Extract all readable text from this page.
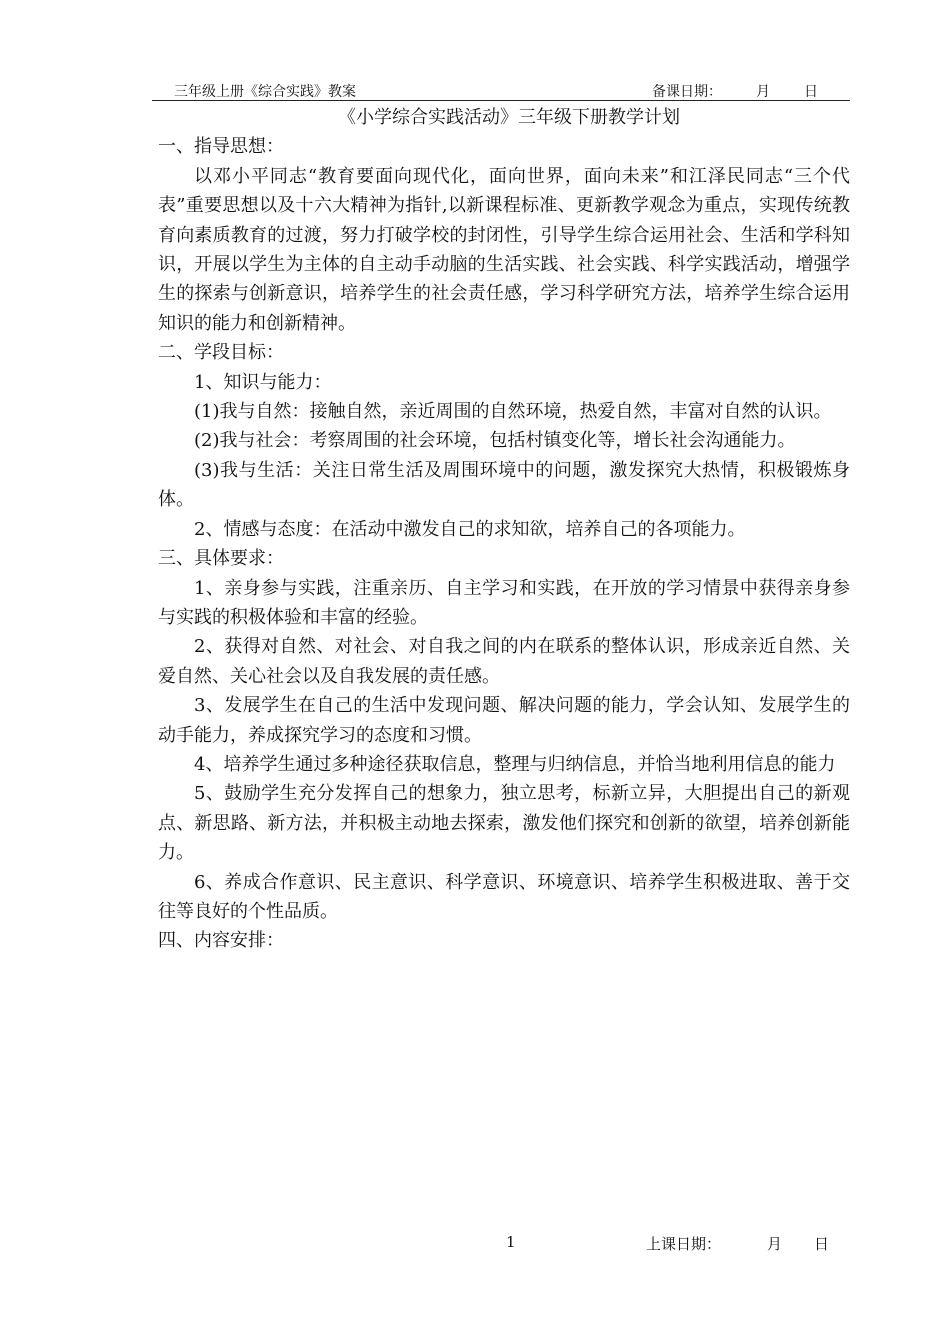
三年级上册《综合实践》教案	备课日期： 月 日
《小学综合实践活动》三年级下册教学计划
一、指导思想：
以邓小平同志“教育要面向现代化，面向世界，面向未来”和江泽民同志“三个代表”重要思想以及十六大精神为指针,以新课程标准、更新教学观念为重点，实现传统教育向素质教育的过渡，努力打破学校的封闭性，引导学生综合运用社会、生活和学科知识，开展以学生为主体的自主动手动脑的生活实践、社会实践、科学实践活动，增强学生的探索与创新意识，培养学生的社会责任感，学习科学研究方法，培养学生综合运用知识的能力和创新精神。
二、学段目标：
1、知识与能力：
(1)我与自然：接触自然，亲近周围的自然环境，热爱自然，丰富对自然的认识。
(2)我与社会：考察周围的社会环境，包括村镇变化等，增长社会沟通能力。
(3)我与生活：关注日常生活及周围环境中的问题，激发探究大热情，积极锻炼身体。
2、情感与态度：在活动中激发自己的求知欲，培养自己的各项能力。
三、具体要求：
1、亲身参与实践，注重亲历、自主学习和实践，在开放的学习情景中获得亲身参与实践的积极体验和丰富的经验。
2、获得对自然、对社会、对自我之间的内在联系的整体认识，形成亲近自然、关爱自然、关心社会以及自我发展的责任感。
3、发展学生在自己的生活中发现问题、解决问题的能力，学会认知、发展学生的动手能力，养成探究学习的态度和习惯。
4、培养学生通过多种途径获取信息，整理与归纳信息，并恰当地利用信息的能力
5、鼓励学生充分发挥自己的想象力，独立思考，标新立异，大胆提出自己的新观点、新思路、新方法，并积极主动地去探索，激发他们探究和创新的欲望，培养创新能力。
6、养成合作意识、民主意识、科学意识、环境意识、培养学生积极进取、善于交往等良好的个性品质。
四、内容安排：
1	上课日期：	月 日
